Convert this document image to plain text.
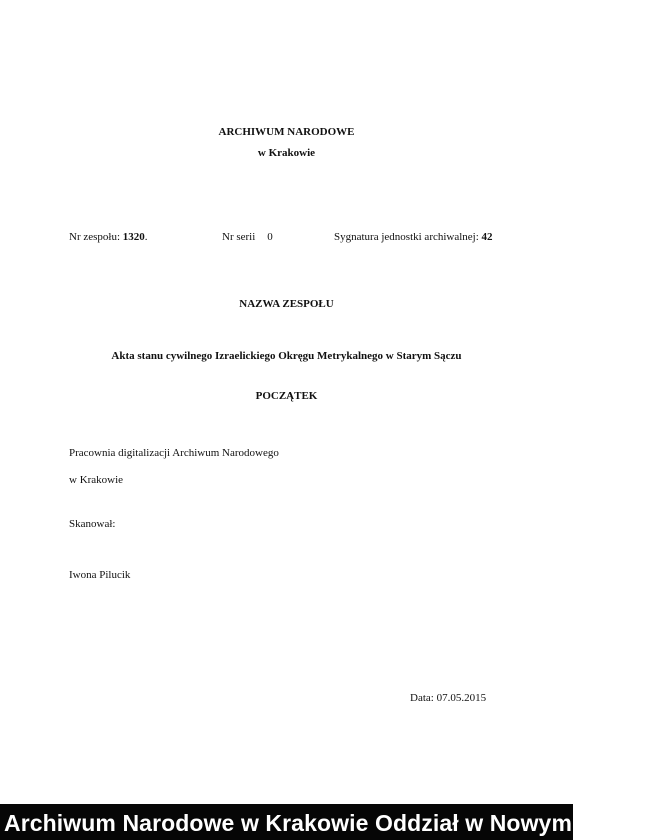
ARCHIWUM NARODOWE
w Krakowie
Nr zespołu: 1320.	Nr serii 0	Sygnatura jednostki archiwalnej: 42
NAZWA ZESPOŁU
Akta stanu cywilnego Izraelickiego Okręgu Metrykalnego w Starym Sączu
POCZĄTEK
Pracownia digitalizacji Archiwum Narodowego
w Krakowie
Skanował:
Iwona Pilucik
Data: 07.05.2015
Archiwum Narodowe w Krakowie Oddział w Nowym Sączu
